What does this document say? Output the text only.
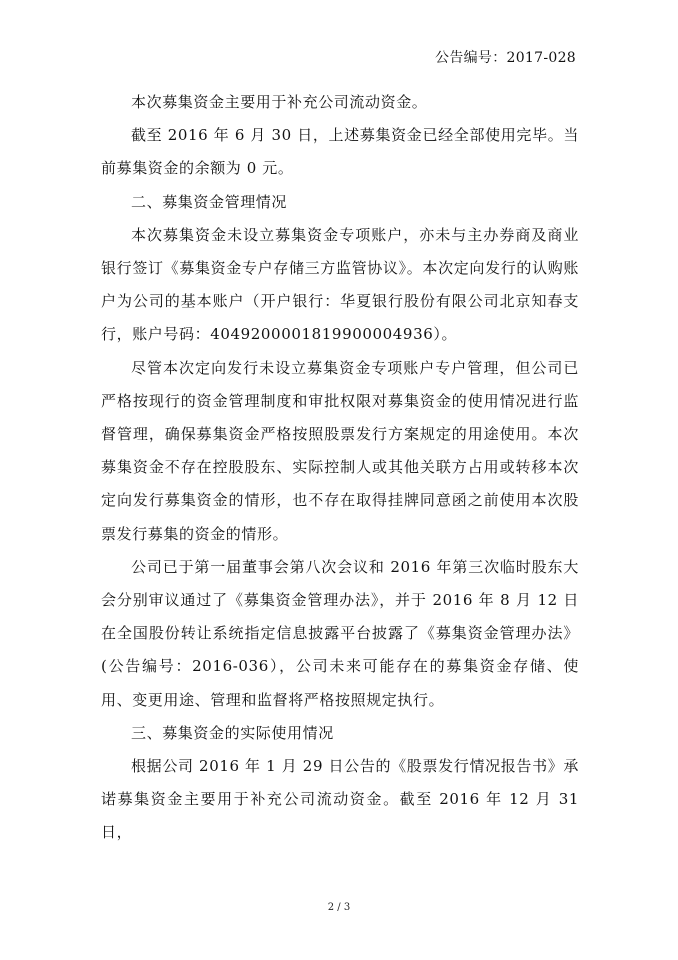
公告编号：2017-028

本次募集资金主要用于补充公司流动资金。

截至 2016 年 6 月 30 日，上述募集资金已经全部使用完毕。当前募集资金的余额为 0 元。

二、募集资金管理情况

本次募集资金未设立募集资金专项账户，亦未与主办券商及商业银行签订《募集资金专户存储三方监管协议》。本次定向发行的认购账户为公司的基本账户（开户银行：华夏银行股份有限公司北京知春支行，账户号码：4049200001819900004936）。

尽管本次定向发行未设立募集资金专项账户专户管理，但公司已严格按现行的资金管理制度和审批权限对募集资金的使用情况进行监督管理，确保募集资金严格按照股票发行方案规定的用途使用。本次募集资金不存在控股股东、实际控制人或其他关联方占用或转移本次定向发行募集资金的情形，也不存在取得挂牌同意函之前使用本次股票发行募集的资金的情形。

公司已于第一届董事会第八次会议和 2016 年第三次临时股东大会分别审议通过了《募集资金管理办法》，并于 2016 年 8 月 12 日在全国股份转让系统指定信息披露平台披露了《募集资金管理办法》(公告编号：2016-036），公司未来可能存在的募集资金存储、使用、变更用途、管理和监督将严格按照规定执行。

三、募集资金的实际使用情况

根据公司 2016 年 1 月 29 日公告的《股票发行情况报告书》承诺募集资金主要用于补充公司流动资金。截至 2016 年 12 月 31 日，

2 / 3
